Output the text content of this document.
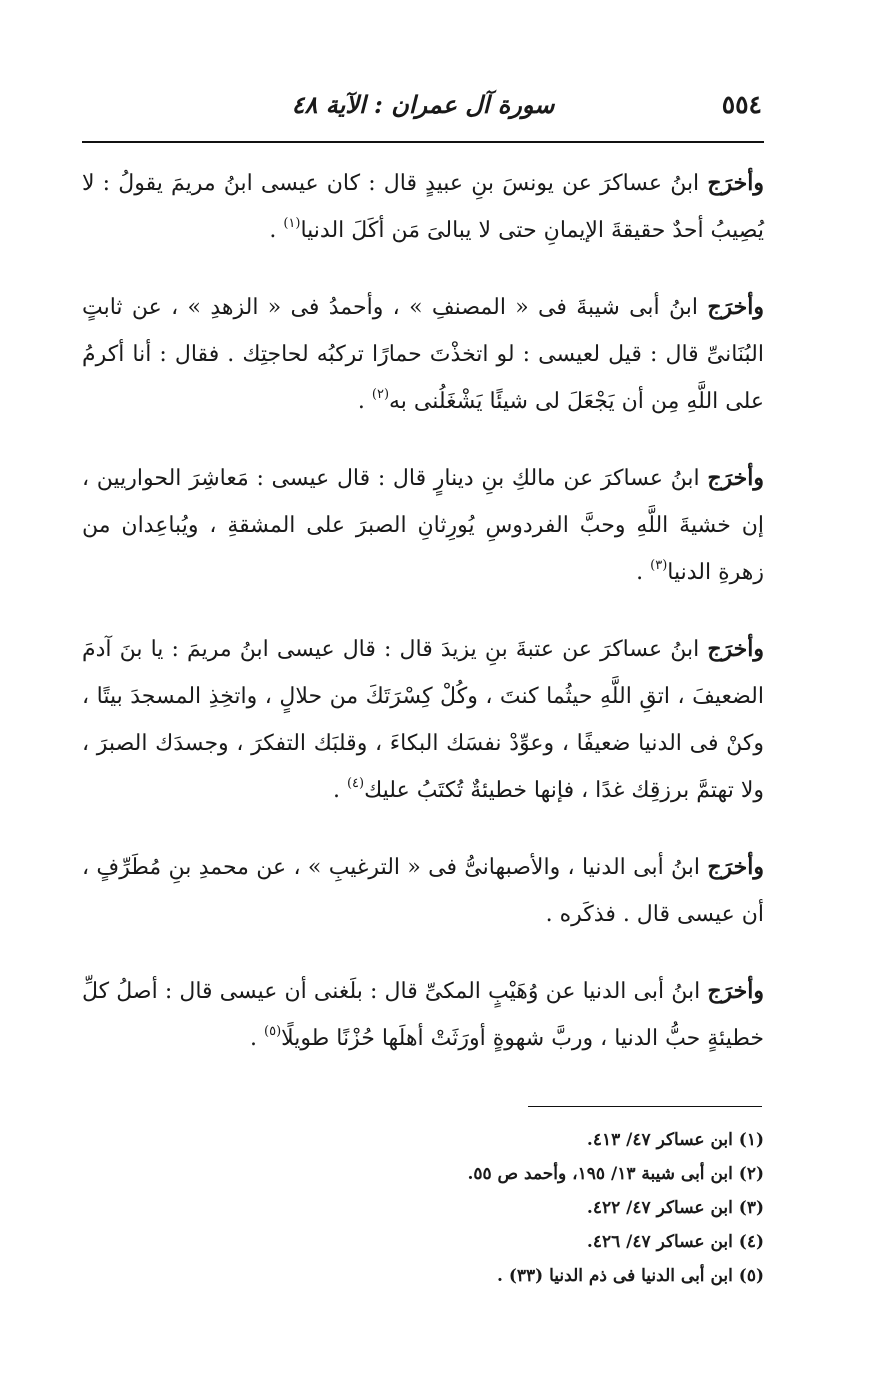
٥٥٤
سورة آل عمران : الآية ٤٨

وأخرَج ابنُ عساكرَ عن يونسَ بنِ عبيدٍ قال : كان عيسى ابنُ مريمَ يقولُ : لا يُصِيبُ أحدٌ حقيقةَ الإيمانِ حتى لا يبالىَ مَن أكَلَ الدنيا$^{(١)}$ .

وأخرَج ابنُ أبى شيبةَ فى « المصنفِ » ، وأحمدُ فى « الزهدِ » ، عن ثابتٍ البُنَانىِّ قال : قيل لعيسى : لو اتخذْتَ حمارًا تركبُه لحاجتِك . فقال : أنا أكرمُ على اللَّهِ مِن أن يَجْعَلَ لى شيئًا يَشْغَلُنى به$^{(٢)}$ .

وأخرَج ابنُ عساكرَ عن مالكِ بنِ دينارٍ قال : قال عيسى : مَعاشِرَ الحواريين ، إن خشيةَ اللَّهِ وحبَّ الفردوسِ يُورِثانِ الصبرَ على المشقةِ ، ويُباعِدان من زهرةِ الدنيا$^{(٣)}$ .

وأخرَج ابنُ عساكرَ عن عتبةَ بنِ يزيدَ قال : قال عيسى ابنُ مريمَ : يا بنَ آدمَ الضعيفَ ، اتقِ اللَّهِ حيثُما كنتَ ، وكُلْ كِسْرَتَكَ من حلالٍ ، واتخِذِ المسجدَ بيتًا ، وكنْ فى الدنيا ضعيفًا ، وعوِّدْ نفسَك البكاءَ ، وقلبَك التفكرَ ، وجسدَك الصبرَ ، ولا تهتمَّ برزقِك غدًا ، فإنها خطيئةٌ تُكتَبُ عليك$^{(٤)}$ .

وأخرَج ابنُ أبى الدنيا ، والأصبهانىُّ فى « الترغيبِ » ، عن محمدِ بنِ مُطَرِّفٍ ، أن عيسى قال . فذكَره .

وأخرَج ابنُ أبى الدنيا عن وُهَيْبٍ المكىِّ قال : بلَغنى أن عيسى قال : أصلُ كلِّ خطيئةٍ حبُّ الدنيا ، وربَّ شهوةٍ أورَثَتْ أهلَها حُزْنًا طويلًا$^{(٥)}$ .

(١) ابن عساكر ٤٧/ ٤١٣.
(٢) ابن أبى شيبة ١٣/ ١٩٥، وأحمد ص ٥٥.
(٣) ابن عساكر ٤٧/ ٤٢٢.
(٤) ابن عساكر ٤٧/ ٤٢٦.
(٥) ابن أبى الدنيا فى ذم الدنيا (٣٣) .
